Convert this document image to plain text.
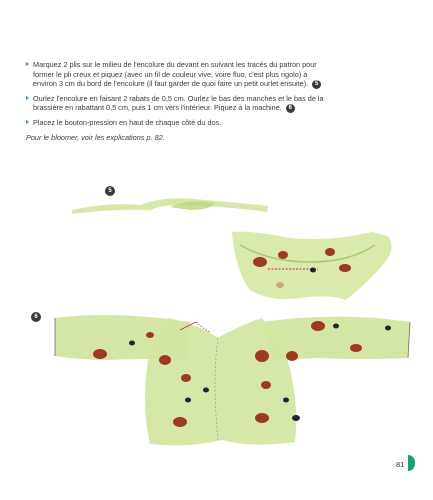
Marquez 2 plis sur le milieu de l'encolure du devant en suivant les tracés du patron pour former le pli creux et piquez (avec un fil de couleur vive, voire fluo, c'est plus rigolo) à environ 3 cm du bord de l'encolure (il faut garder de quoi faire un petit ourlet ensuite). 5

Ourlez l'encolure en faisant 2 rabats de 0,5 cm. Ourlez le bas des manches et le bas de la brassière en rabattant 0,5 cm, puis 1 cm vers l'intérieur. Piquez à la machine. 6

Placez le bouton-pression en haut de chaque côté du dos.

Pour le bloomer, voir les explications p. 82.

5
6
81
